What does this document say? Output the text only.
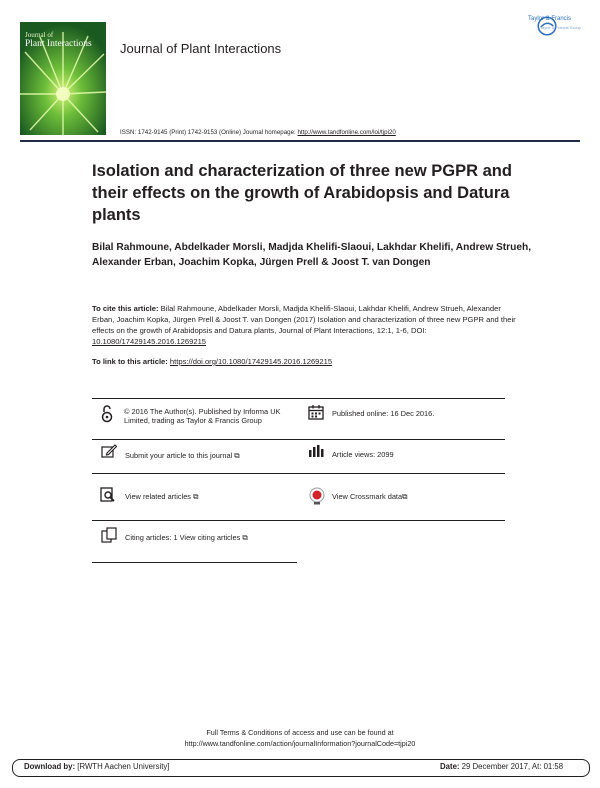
Journal of
Plant Interactions Journal of Plant Interactions
Taylor & Francis
Taylor & Francis Group
ISSN: 1742-9145 (Print) 1742-9153 (Online) Journal homepage: http://www.tandfonline.com/loi/tjpi20
Isolation and characterization of three new PGPR and their effects on the growth of Arabidopsis and Datura plants
Bilal Rahmoune, Abdelkader Morsli, Madjda Khelifi-Slaoui, Lakhdar Khelifi, Andrew Strueh, Alexander Erban, Joachim Kopka, Jürgen Prell & Joost T. van Dongen
To cite this article: Bilal Rahmoune, Abdelkader Morsli, Madjda Khelifi-Slaoui, Lakhdar Khelifi, Andrew Strueh, Alexander Erban, Joachim Kopka, Jürgen Prell & Joost T. van Dongen (2017) Isolation and characterization of three new PGPR and their effects on the growth of Arabidopsis and Datura plants, Journal of Plant Interactions, 12:1, 1-6, DOI: 10.1080/17429145.2016.1269215
To link to this article: https://doi.org/10.1080/17429145.2016.1269215
© 2016 The Author(s). Published by Informa UK Limited, trading as Taylor & Francis Group
Published online: 16 Dec 2016.
Submit your article to this journal ⧉	Article views: 2099
View related articles ⧉	View Crossmark data⧉
Citing articles: 1 View citing articles ⧉
Full Terms & Conditions of access and use can be found at
http://www.tandfonline.com/action/journalInformation?journalCode=tjpi20
Download by: [RWTH Aachen University]	Date: 29 December 2017, At: 01:58
